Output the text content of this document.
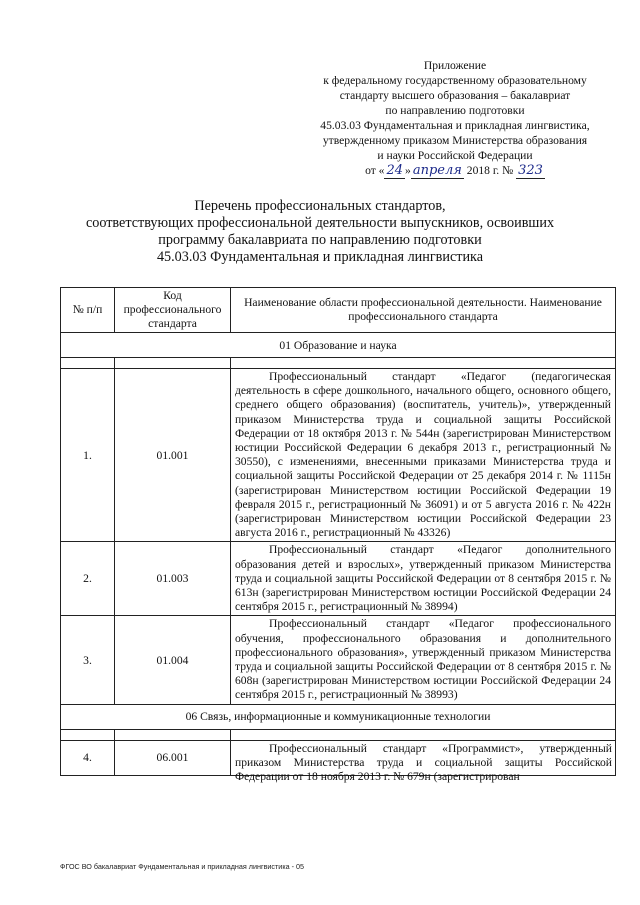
Приложение
к федеральному государственному образовательному
стандарту высшего образования – бакалавриат
по направлению подготовки
45.03.03 Фундаментальная и прикладная лингвистика,
утвержденному приказом Министерства образования
и науки Российской Федерации
от « 24 » апреля 2018 г. № 323
Перечень профессиональных стандартов,
соответствующих профессиональной деятельности выпускников, освоивших
программу бакалавриата по направлению подготовки
45.03.03 Фундаментальная и прикладная лингвистика
№ п/п	Код профессионального стандарта	Наименование области профессиональной деятельности. Наименование профессионального стандарта
01 Образование и наука		

1.	01.001	Профессиональный стандарт «Педагог (педагогическая деятельность в сфере дошкольного, начального общего, основного общего, среднего общего образования) (воспитатель, учитель)», утвержденный приказом Министерства труда и социальной защиты Российской Федерации от 18 октября 2013 г. № 544н (зарегистрирован Министерством юстиции Российской Федерации 6 декабря 2013 г., регистрационный № 30550), с изменениями, внесенными приказами Министерства труда и социальной защиты Российской Федерации от 25 декабря 2014 г. № 1115н (зарегистрирован Министерством юстиции Российской Федерации 19 февраля 2015 г., регистрационный № 36091) и от 5 августа 2016 г. № 422н (зарегистрирован Министерством юстиции Российской Федерации 23 августа 2016 г., регистрационный № 43326)
2.	01.003	Профессиональный стандарт «Педагог дополнительного образования детей и взрослых», утвержденный приказом Министерства труда и социальной защиты Российской Федерации от 8 сентября 2015 г. № 613н (зарегистрирован Министерством юстиции Российской Федерации 24 сентября 2015 г., регистрационный № 38994)
3.	01.004	Профессиональный стандарт «Педагог профессионального обучения, профессионального образования и дополнительного профессионального образования», утвержденный приказом Министерства труда и социальной защиты Российской Федерации от 8 сентября 2015 г. № 608н (зарегистрирован Министерством юстиции Российской Федерации 24 сентября 2015 г., регистрационный № 38993)
06 Связь, информационные и коммуникационные технологии		

4.	06.001	Профессиональный стандарт «Программист», утвержденный приказом Министерства труда и социальной защиты Российской Федерации от 18 ноября 2013 г. № 679н (зарегистрирован
ФГОС ВО бакалавриат Фундаментальная и прикладная лингвистика - 05
